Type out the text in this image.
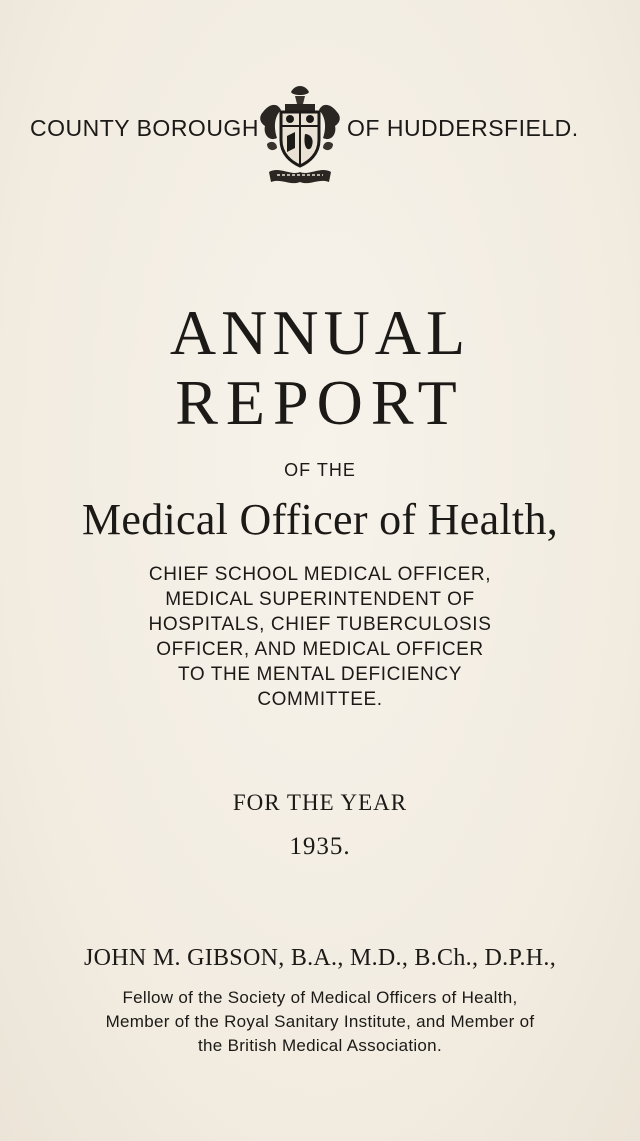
COUNTY BOROUGH	OF HUDDERSFIELD.
ANNUAL
REPORT
OF THE
Medical Officer of Health,
CHIEF SCHOOL MEDICAL OFFICER,
MEDICAL SUPERINTENDENT OF
HOSPITALS, CHIEF TUBERCULOSIS
OFFICER, AND MEDICAL OFFICER
TO THE MENTAL DEFICIENCY
COMMITTEE.
FOR THE YEAR
1935.
JOHN M. GIBSON, B.A., M.D., B.Ch., D.P.H.,
Fellow of the Society of Medical Officers of Health,
Member of the Royal Sanitary Institute, and Member of
the British Medical Association.
